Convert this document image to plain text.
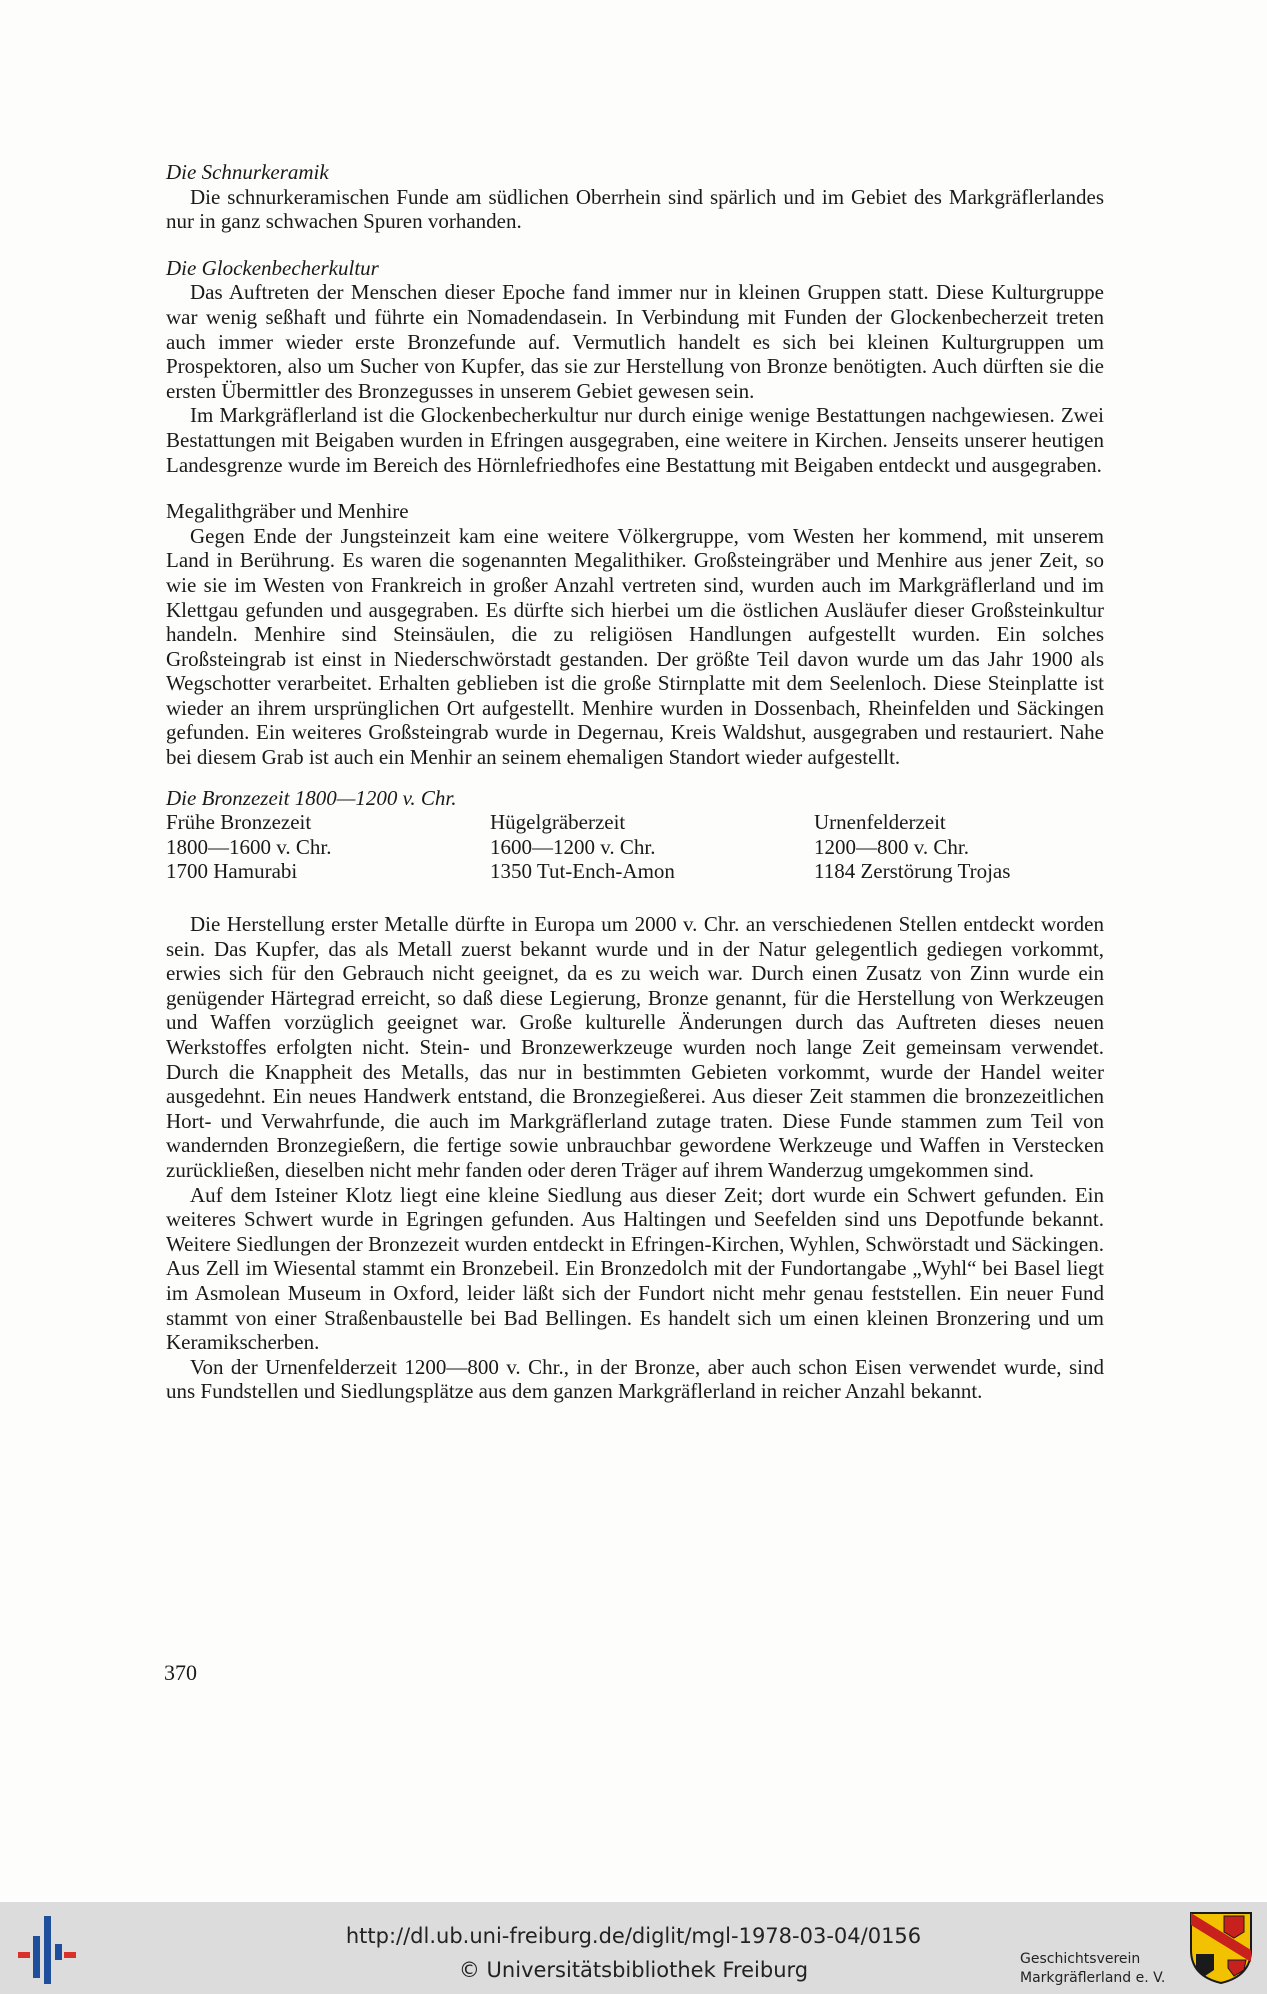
Die Schnurkeramik

Die schnurkeramischen Funde am südlichen Oberrhein sind spärlich und im Gebiet des Markgräflerlandes nur in ganz schwachen Spuren vorhanden.

Die Glockenbecherkultur

Das Auftreten der Menschen dieser Epoche fand immer nur in kleinen Gruppen statt. Diese Kulturgruppe war wenig seßhaft und führte ein Nomadendasein. In Verbindung mit Funden der Glockenbecherzeit treten auch immer wieder erste Bronzefunde auf. Vermutlich handelt es sich bei kleinen Kulturgruppen um Prospektoren, also um Sucher von Kupfer, das sie zur Herstellung von Bronze benötigten. Auch dürften sie die ersten Übermittler des Bronzegusses in unserem Gebiet gewesen sein.

Im Markgräflerland ist die Glockenbecherkultur nur durch einige wenige Bestattungen nachgewiesen. Zwei Bestattungen mit Beigaben wurden in Efringen ausgegraben, eine weitere in Kirchen. Jenseits unserer heutigen Landesgrenze wurde im Bereich des Hörnlefriedhofes eine Bestattung mit Beigaben entdeckt und ausgegraben.

Megalithgräber und Menhire

Gegen Ende der Jungsteinzeit kam eine weitere Völkergruppe, vom Westen her kommend, mit unserem Land in Berührung. Es waren die sogenannten Megalithiker. Großsteingräber und Menhire aus jener Zeit, so wie sie im Westen von Frankreich in großer Anzahl vertreten sind, wurden auch im Markgräflerland und im Klettgau gefunden und ausgegraben. Es dürfte sich hierbei um die östlichen Ausläufer dieser Großsteinkultur handeln. Menhire sind Steinsäulen, die zu religiösen Handlungen aufgestellt wurden. Ein solches Großsteingrab ist einst in Niederschwörstadt gestanden. Der größte Teil davon wurde um das Jahr 1900 als Wegschotter verarbeitet. Erhalten geblieben ist die große Stirnplatte mit dem Seelenloch. Diese Steinplatte ist wieder an ihrem ursprünglichen Ort aufgestellt. Menhire wurden in Dossenbach, Rheinfelden und Säckingen gefunden. Ein weiteres Großsteingrab wurde in Degernau, Kreis Waldshut, ausgegraben und restauriert. Nahe bei diesem Grab ist auch ein Menhir an seinem ehemaligen Standort wieder aufgestellt.

Die Bronzezeit 1800—1200 v. Chr.
Frühe Bronzezeit	Hügelgräberzeit	Urnenfelderzeit
1800—1600 v. Chr.	1600—1200 v. Chr.	1200—800 v. Chr.
1700 Hamurabi	1350 Tut-Ench-Amon	1184 Zerstörung Trojas

Die Herstellung erster Metalle dürfte in Europa um 2000 v. Chr. an verschiedenen Stellen entdeckt worden sein. Das Kupfer, das als Metall zuerst bekannt wurde und in der Natur gelegentlich gediegen vorkommt, erwies sich für den Gebrauch nicht geeignet, da es zu weich war. Durch einen Zusatz von Zinn wurde ein genügender Härtegrad erreicht, so daß diese Legierung, Bronze genannt, für die Herstellung von Werkzeugen und Waffen vorzüglich geeignet war. Große kulturelle Änderungen durch das Auftreten dieses neuen Werkstoffes erfolgten nicht. Stein- und Bronzewerkzeuge wurden noch lange Zeit gemeinsam verwendet. Durch die Knappheit des Metalls, das nur in bestimmten Gebieten vorkommt, wurde der Handel weiter ausgedehnt. Ein neues Handwerk entstand, die Bronzegießerei. Aus dieser Zeit stammen die bronzezeitlichen Hort- und Verwahrfunde, die auch im Markgräflerland zutage traten. Diese Funde stammen zum Teil von wandernden Bronzegießern, die fertige sowie unbrauchbar gewordene Werkzeuge und Waffen in Verstecken zurückließen, dieselben nicht mehr fanden oder deren Träger auf ihrem Wanderzug umgekommen sind.

Auf dem Isteiner Klotz liegt eine kleine Siedlung aus dieser Zeit; dort wurde ein Schwert gefunden. Ein weiteres Schwert wurde in Egringen gefunden. Aus Haltingen und Seefelden sind uns Depotfunde bekannt. Weitere Siedlungen der Bronzezeit wurden entdeckt in Efringen-Kirchen, Wyhlen, Schwörstadt und Säckingen. Aus Zell im Wiesental stammt ein Bronzebeil. Ein Bronzedolch mit der Fundortangabe „Wyhl“ bei Basel liegt im Asmolean Museum in Oxford, leider läßt sich der Fundort nicht mehr genau feststellen. Ein neuer Fund stammt von einer Straßenbaustelle bei Bad Bellingen. Es handelt sich um einen kleinen Bronzering und um Keramikscherben.

Von der Urnenfelderzeit 1200—800 v. Chr., in der Bronze, aber auch schon Eisen verwendet wurde, sind uns Fundstellen und Siedlungsplätze aus dem ganzen Markgräflerland in reicher Anzahl bekannt.

370
http://dl.ub.uni-freiburg.de/diglit/mgl-1978-03-04/0156
© Universitätsbibliothek Freiburg	Geschichtsverein
Markgräflerland e. V.
